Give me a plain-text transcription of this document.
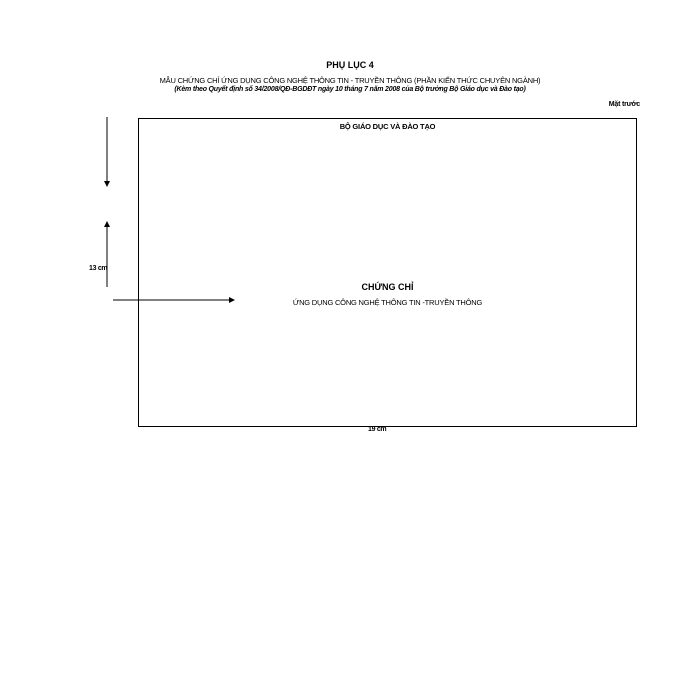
PHỤ LỤC 4
MẪU CHỨNG CHỈ ỨNG DỤNG CÔNG NGHỆ THÔNG TIN - TRUYỀN THÔNG (PHẦN KIẾN THỨC CHUYÊN NGÀNH)
(Kèm theo Quyết định số 34/2008/QĐ-BGDĐT ngày 10 tháng 7 năm 2008 của Bộ trưởng Bộ Giáo dục và Đào tạo)
Mặt trước
BỘ GIÁO DỤC VÀ ĐÀO TẠO
CHỨNG CHỈ
ỨNG DỤNG CÔNG NGHỆ THÔNG TIN -TRUYỀN THÔNG
13 cm
19 cm
